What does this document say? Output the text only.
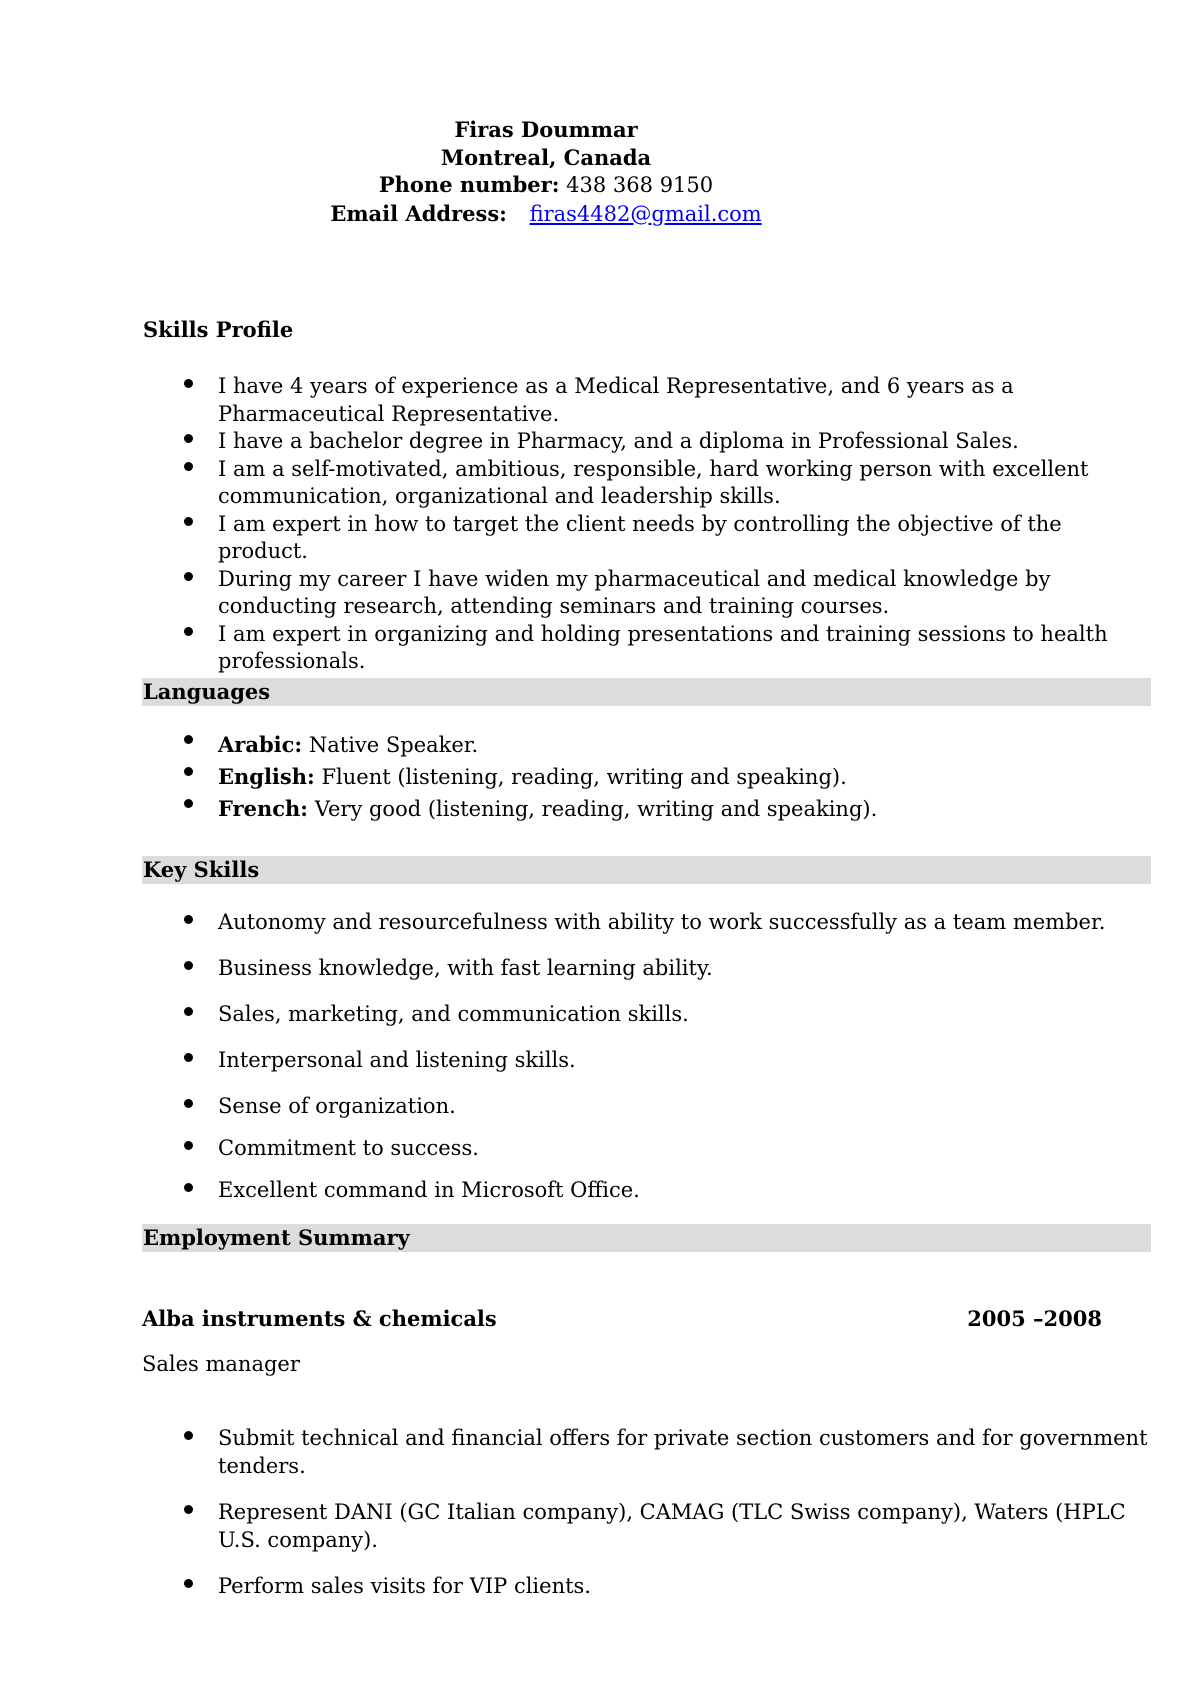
Firas Doummar
Montreal, Canada
Phone number: 438 368 9150
Email Address: firas4482@gmail.com
Skills Profile
I have 4 years of experience as a Medical Representative, and 6 years as a Pharmaceutical Representative.
I have a bachelor degree in Pharmacy, and a diploma in Professional Sales.
I am a self-motivated, ambitious, responsible, hard working person with excellent communication, organizational and leadership skills.
I am expert in how to target the client needs by controlling the objective of the product.
During my career I have widen my pharmaceutical and medical knowledge by conducting research, attending seminars and training courses.
I am expert in organizing and holding presentations and training sessions to health professionals.
Languages
Arabic: Native Speaker.
English: Fluent (listening, reading, writing and speaking).
French: Very good (listening, reading, writing and speaking).
Key Skills
Autonomy and resourcefulness with ability to work successfully as a team member.
Business knowledge, with fast learning ability.
Sales, marketing, and communication skills.
Interpersonal and listening skills.
Sense of organization.
Commitment to success.
Excellent command in Microsoft Office.
Employment Summary
Alba instruments & chemicals	2005 –2008
Sales manager
Submit technical and financial offers for private section customers and for government tenders.
Represent DANI (GC Italian company), CAMAG (TLC Swiss company), Waters (HPLC U.S. company).
Perform sales visits for VIP clients.
